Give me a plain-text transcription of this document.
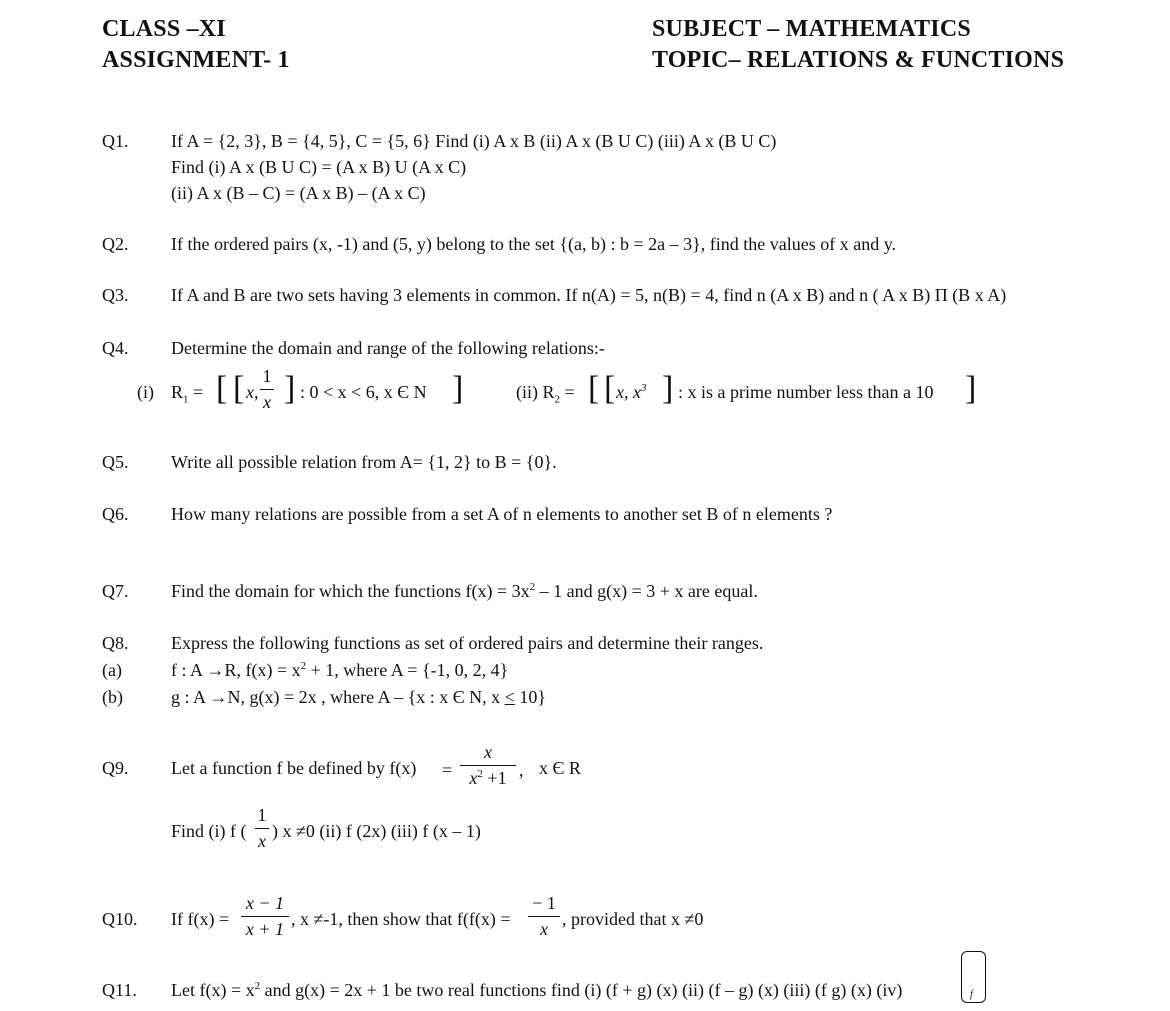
CLASS –XI
ASSIGNMENT- 1
SUBJECT – MATHEMATICS
TOPIC– RELATIONS & FUNCTIONS
Q1. If A = {2, 3}, B = {4, 5}, C = {5, 6} Find (i) A x B (ii) A x (B U C) (iii) A x (B U C)
Find (i) A x (B U C) = (A x B) U (A x C)
(ii) A x (B – C) = (A x B) – (A x C)
Q2. If the ordered pairs (x, -1) and (5, y) belong to the set {(a, b) : b = 2a – 3}, find the values of x and y.
Q3. If A and B are two sets having 3 elements in common. If n(A) = 5, n(B) = 4, find n (A x B) and n ( A x B) Π (B x A)
Q4. Determine the domain and range of the following relations:-
(i) $R_1$ = [ [ x,
1
x ] : 0 < x < 6, x Є N ]	(ii) $R_2$ = [ [ x, $x^3$ ] : x is a prime number less than a 10 ]
Q5. Write all possible relation from A= {1, 2} to B = {0}.
Q6. How many relations are possible from a set A of n elements to another set B of n elements ?
Q7. Find the domain for which the functions $f(x) = 3x^2 - 1$ and g(x) = 3 + x are equal.
Q8. Express the following functions as set of ordered pairs and determine their ranges.
(a)	f : A →R, $f(x) = x^2 + 1$, where A = {-1, 0, 2, 4}
(b)	g : A →N, g(x) = 2x , where A – {x : x Є N, x ≤ 10}
Q9. Let a function f be defined by f(x) =
x
$x^2 +1$ , x Є R
Find (i) f (
1
x ) x ≠0 (ii) f (2x) (iii) f (x – 1)
Q10. If f(x) =
x − 1
x + 1 , x ≠-1, then show that f(f(x) =
− 1
x , provided that x ≠0
Q11. Let $f(x) = x^2$ and g(x) = 2x + 1 be two real functions find (i) (f + g) (x) (ii) (f – g) (x) (iii) (f g) (x) (iv)	f
